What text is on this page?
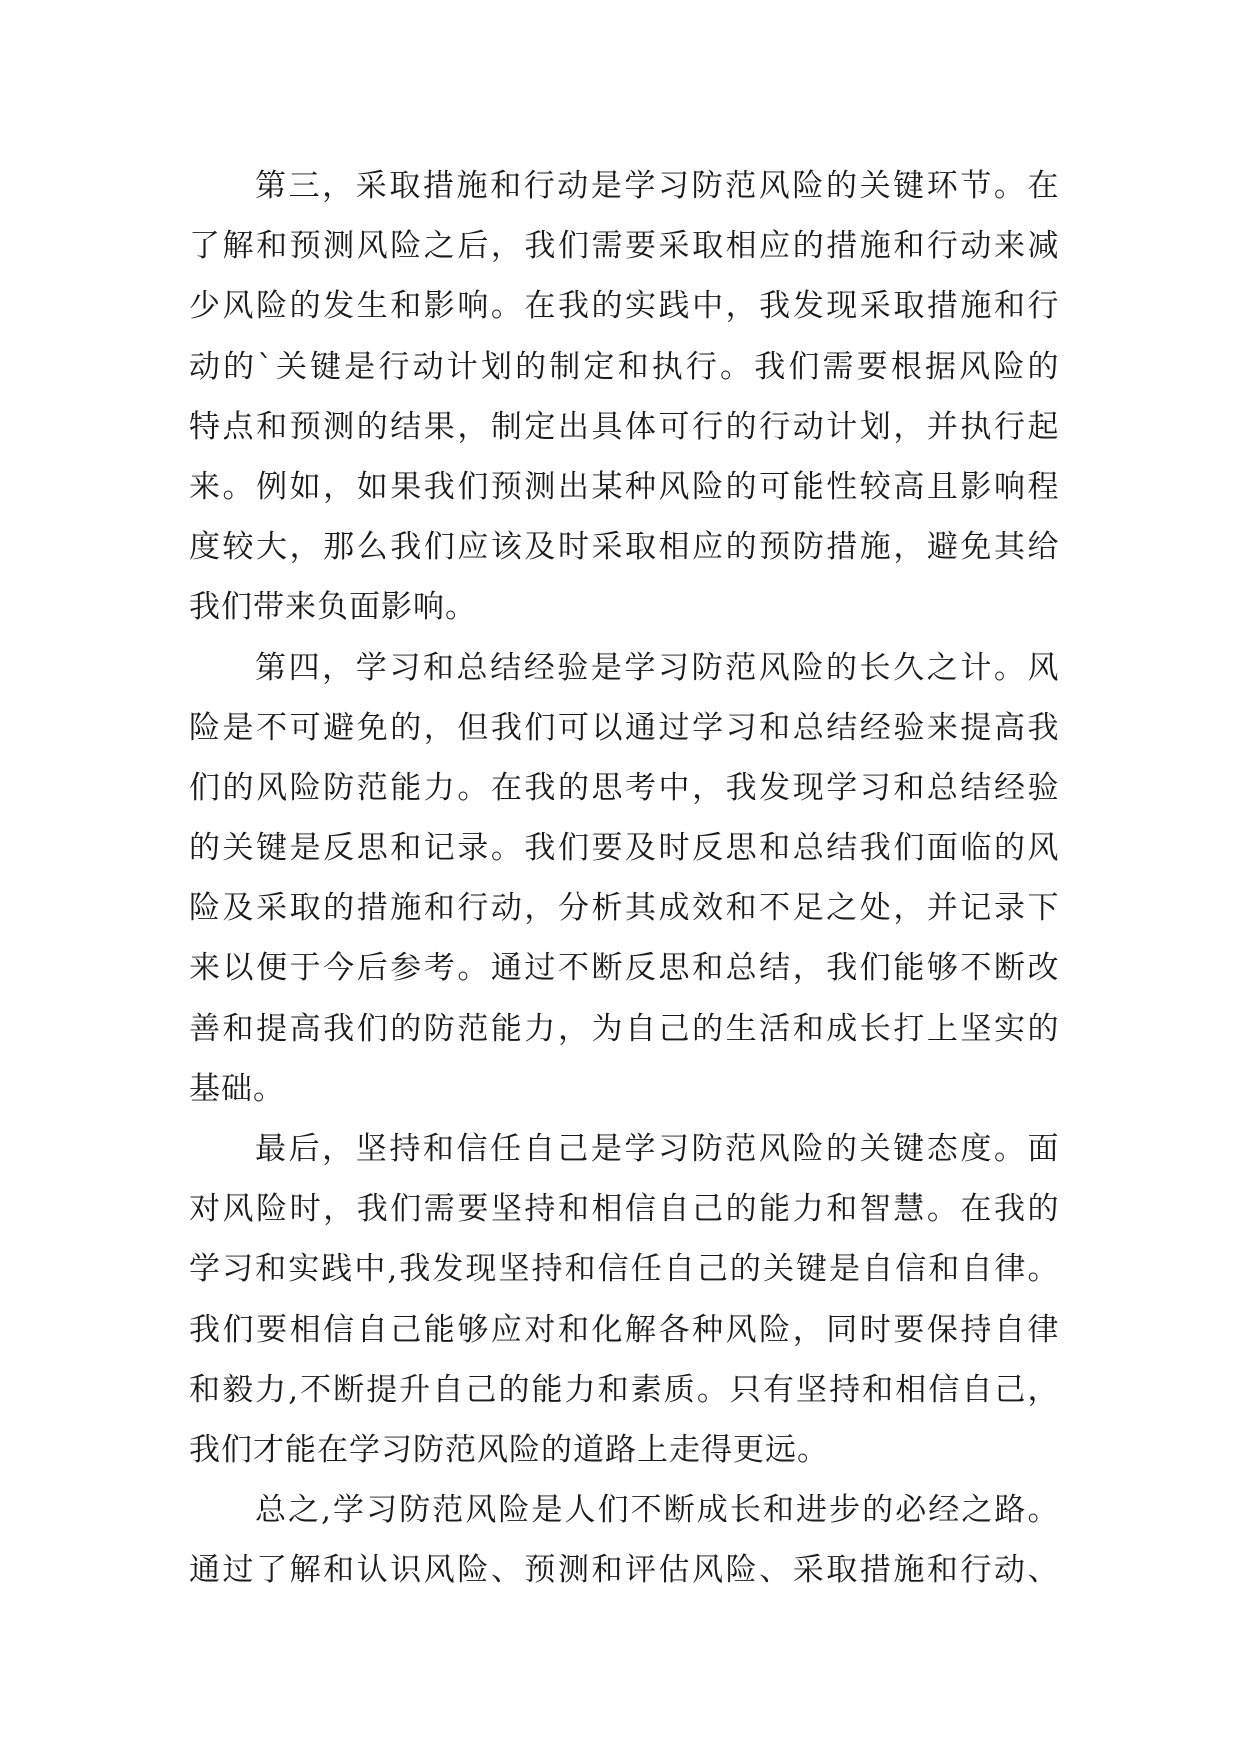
第三，采取措施和行动是学习防范风险的关键环节。在
了解和预测风险之后，我们需要采取相应的措施和行动来减
少风险的发生和影响。在我的实践中，我发现采取措施和行
动的`关键是行动计划的制定和执行。我们需要根据风险的
特点和预测的结果，制定出具体可行的行动计划，并执行起
来。例如，如果我们预测出某种风险的可能性较高且影响程
度较大，那么我们应该及时采取相应的预防措施，避免其给
我们带来负面影响。
第四，学习和总结经验是学习防范风险的长久之计。风
险是不可避免的，但我们可以通过学习和总结经验来提高我
们的风险防范能力。在我的思考中，我发现学习和总结经验
的关键是反思和记录。我们要及时反思和总结我们面临的风
险及采取的措施和行动，分析其成效和不足之处，并记录下
来以便于今后参考。通过不断反思和总结，我们能够不断改
善和提高我们的防范能力，为自己的生活和成长打上坚实的
基础。
最后，坚持和信任自己是学习防范风险的关键态度。面
对风险时，我们需要坚持和相信自己的能力和智慧。在我的
学习和实践中,我发现坚持和信任自己的关键是自信和自律。
我们要相信自己能够应对和化解各种风险，同时要保持自律
和毅力,不断提升自己的能力和素质。只有坚持和相信自己，
我们才能在学习防范风险的道路上走得更远。
总之,学习防范风险是人们不断成长和进步的必经之路。
通过了解和认识风险、预测和评估风险、采取措施和行动、
